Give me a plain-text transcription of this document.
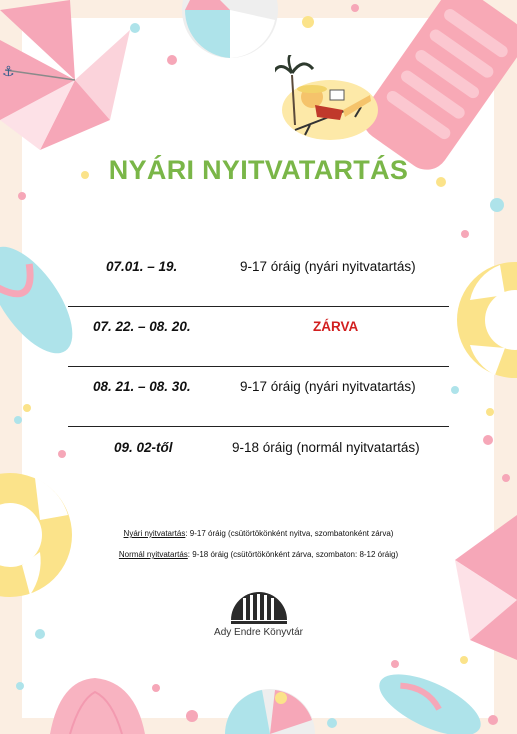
⚓
NYÁRI NYITVATARTÁS
07.01. – 19.	9-17 óráig (nyári nyitvatartás)
07. 22. – 08. 20.	ZÁRVA
08. 21. – 08. 30.	9-17 óráig (nyári nyitvatartás)
09. 02-től	9-18 óráig (normál nyitvatartás)
Nyári nyitvatartás: 9-17 óráig (csütörtökönként nyitva, szombatonként zárva)
Normál nyitvatartás: 9-18 óráig (csütörtökönként zárva, szombaton: 8-12 óráig)
Ady Endre Könyvtár
